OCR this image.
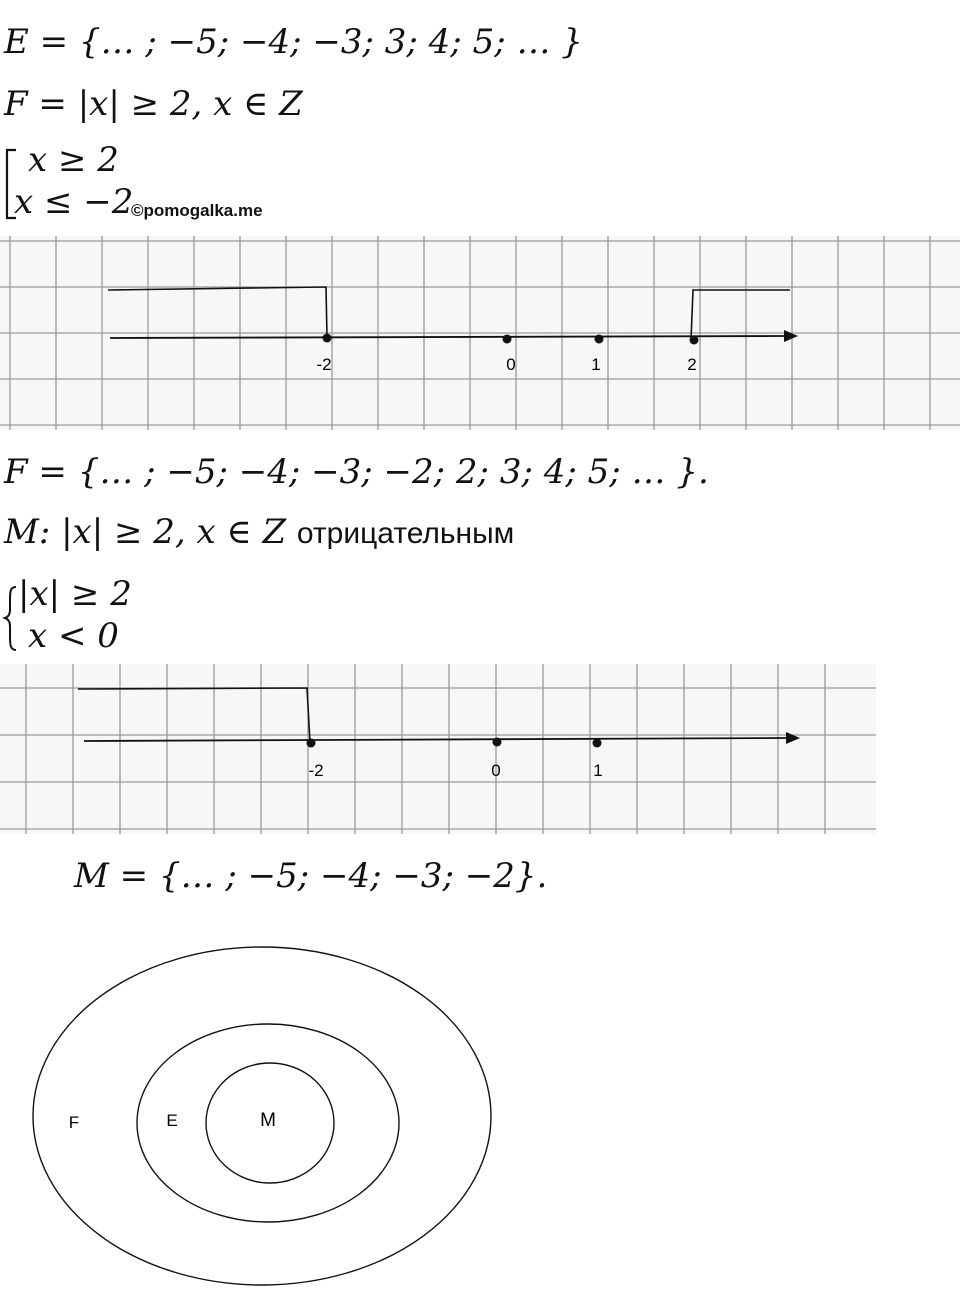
E = {… ; −5; −4; −3; 3; 4; 5; … }
F = |x| ≥ 2, x ∈ Z
x ≥ 2
x ≤ −2
©pomogalka.me
-2	0	1	2
F = {… ; −5; −4; −3; −2; 2; 3; 4; 5; … }.
M: |x| ≥ 2, x ∈ Z отрицательным
|x| ≥ 2
x < 0
-2	0	1
M = {… ; −5; −4; −3; −2}.
F	E	M
